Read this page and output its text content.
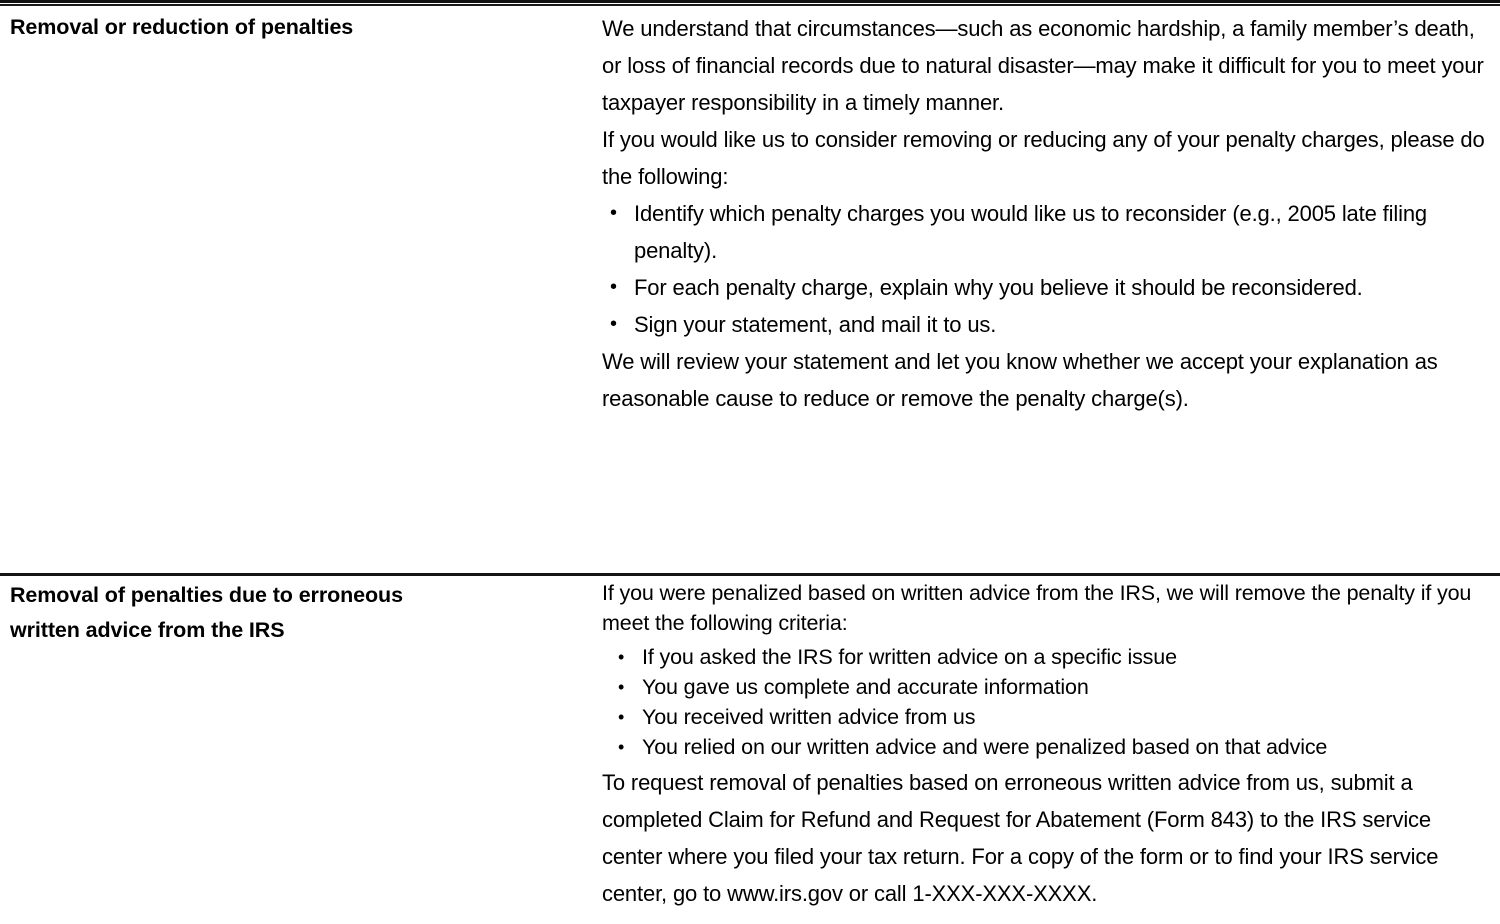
Removal or reduction of penalties	We understand that circumstances—such as economic hardship, a family member’s death, or loss of financial records due to natural disaster—may make it difficult for you to meet your taxpayer responsibility in a timely manner.

If you would like us to consider removing or reducing any of your penalty charges, please do the following:

• Identify which penalty charges you would like us to reconsider (e.g., 2005 late filing penalty).
• For each penalty charge, explain why you believe it should be reconsidered.
• Sign your statement, and mail it to us.

We will review your statement and let you know whether we accept your explanation as reasonable cause to reduce or remove the penalty charge(s).

Removal of penalties due to erroneous

written advice from the IRS

If you were penalized based on written advice from the IRS, we will remove the penalty if you meet the following criteria:

• If you asked the IRS for written advice on a specific issue
• You gave us complete and accurate information
• You received written advice from us
• You relied on our written advice and were penalized based on that advice

To request removal of penalties based on erroneous written advice from us, submit a completed Claim for Refund and Request for Abatement (Form 843) to the IRS service center where you filed your tax return. For a copy of the form or to find your IRS service center, go to www.irs.gov or call 1-XXX-XXX-XXXX.
